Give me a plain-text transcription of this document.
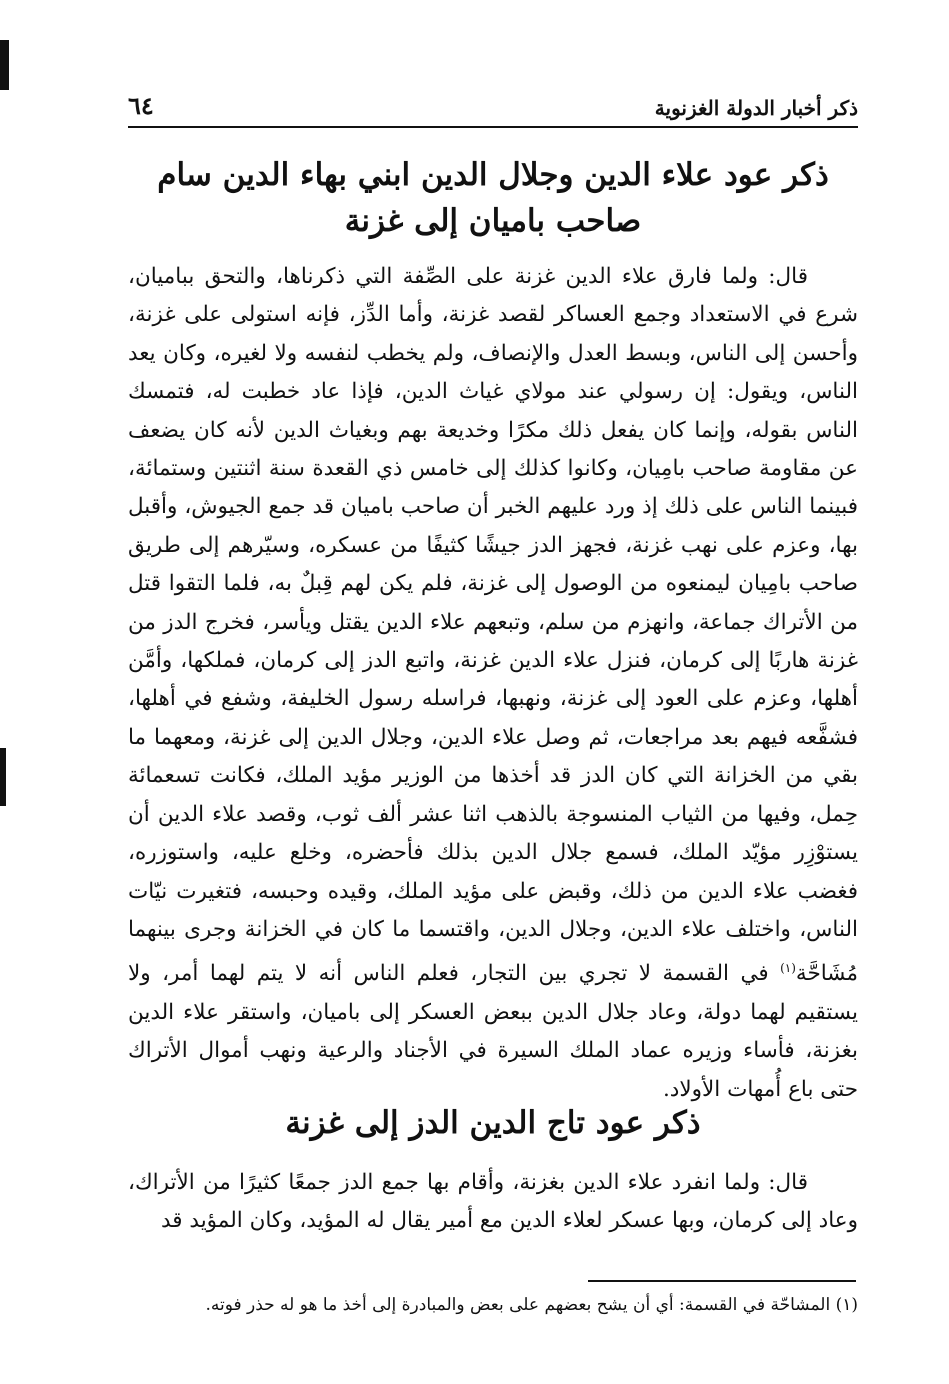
ذكر أخبار الدولة الغزنوية
٦٤
ذكر عود علاء الدين وجلال الدين ابني بهاء الدين سام
صاحب باميان إلى غزنة
قال: ولما فارق علاء الدين غزنة على الصِّفة التي ذكرناها، والتحق بباميان، شرع في الاستعداد وجمع العساكر لقصد غزنة، وأما الدِّز، فإنه استولى على غزنة، وأحسن إلى الناس، وبسط العدل والإنصاف، ولم يخطب لنفسه ولا لغيره، وكان يعد الناس، ويقول: إن رسولي عند مولاي غياث الدين، فإذا عاد خطبت له، فتمسك الناس بقوله، وإنما كان يفعل ذلك مكرًا وخديعة بهم وبغياث الدين لأنه كان يضعف عن مقاومة صاحب بامِيان، وكانوا كذلك إلى خامس ذي القعدة سنة اثنتين وستمائة، فبينما الناس على ذلك إذ ورد عليهم الخبر أن صاحب باميان قد جمع الجيوش، وأقبل بها، وعزم على نهب غزنة، فجهز الدز جيشًا كثيفًا من عسكره، وسيّرهم إلى طريق صاحب بامِيان ليمنعوه من الوصول إلى غزنة، فلم يكن لهم قِبلٌ به، فلما التقوا قتل من الأتراك جماعة، وانهزم من سلم، وتبعهم علاء الدين يقتل ويأسر، فخرج الدز من غزنة هاربًا إلى كرمان، فنزل علاء الدين غزنة، واتبع الدز إلى كرمان، فملكها، وأمَّن أهلها، وعزم على العود إلى غزنة، ونهبها، فراسله رسول الخليفة، وشفع في أهلها، فشفَّعه فيهم بعد مراجعات، ثم وصل علاء الدين، وجلال الدين إلى غزنة، ومعهما ما بقي من الخزانة التي كان الدز قد أخذها من الوزير مؤيد الملك، فكانت تسعمائة حِمل، وفيها من الثياب المنسوجة بالذهب اثنا عشر ألف ثوب، وقصد علاء الدين أن يستوْزِر مؤيّد الملك، فسمع جلال الدين بذلك فأحضره، وخلع عليه، واستوزره، فغضب علاء الدين من ذلك، وقبض على مؤيد الملك، وقيده وحبسه، فتغيرت نيّات الناس، واختلف علاء الدين، وجلال الدين، واقتسما ما كان في الخزانة وجرى بينهما مُشَاحَّة$^{(١)}$ في القسمة لا تجري بين التجار، فعلم الناس أنه لا يتم لهما أمر، ولا يستقيم لهما دولة، وعاد جلال الدين ببعض العسكر إلى باميان، واستقر علاء الدين بغزنة، فأساء وزيره عماد الملك السيرة في الأجناد والرعية ونهب أموال الأتراك حتى باع أُمهات الأولاد.
ذكر عود تاج الدين الدز إلى غزنة
قال: ولما انفرد علاء الدين بغزنة، وأقام بها جمع الدز جمعًا كثيرًا من الأتراك، وعاد إلى كرمان، وبها عسكر لعلاء الدين مع أمير يقال له المؤيد، وكان المؤيد قد
(١) المشاحّة في القسمة: أي أن يشح بعضهم على بعض والمبادرة إلى أخذ ما هو له حذر فوته.
